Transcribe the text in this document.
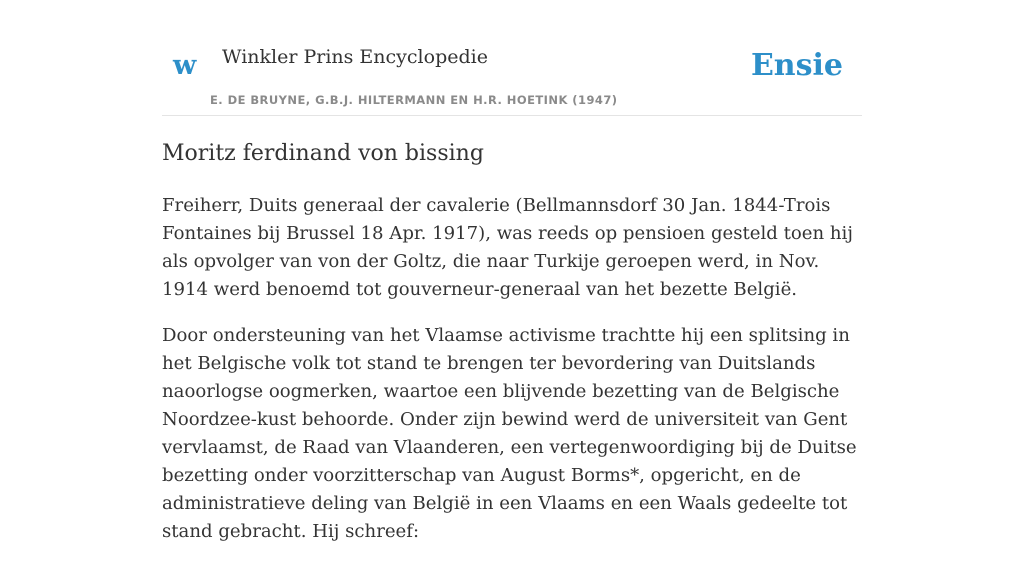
w Winkler Prins Encyclopedie
E. DE BRUYNE, G.B.J. HILTERMANN EN H.R. HOETINK (1947)
Ensie
Moritz ferdinand von bissing

Freiherr, Duits generaal der cavalerie (Bellmannsdorf 30 Jan. 1844-Trois Fontaines bij Brussel 18 Apr. 1917), was reeds op pensioen gesteld toen hij als opvolger van von der Goltz, die naar Turkije geroepen werd, in Nov. 1914 werd benoemd tot gouverneur-generaal van het bezette België.

Door ondersteuning van het Vlaamse activisme trachtte hij een splitsing in het Belgische volk tot stand te brengen ter bevordering van Duitslands naoorlogse oogmerken, waartoe een blijvende bezetting van de Belgische Noordzee-kust behoorde. Onder zijn bewind werd de universiteit van Gent vervlaamst, de Raad van Vlaanderen, een vertegenwoordiging bij de Duitse bezetting onder voorzitterschap van August Borms*, opgericht, en de administratieve deling van België in een Vlaams en een Waals gedeelte tot stand gebracht. Hij schreef:
